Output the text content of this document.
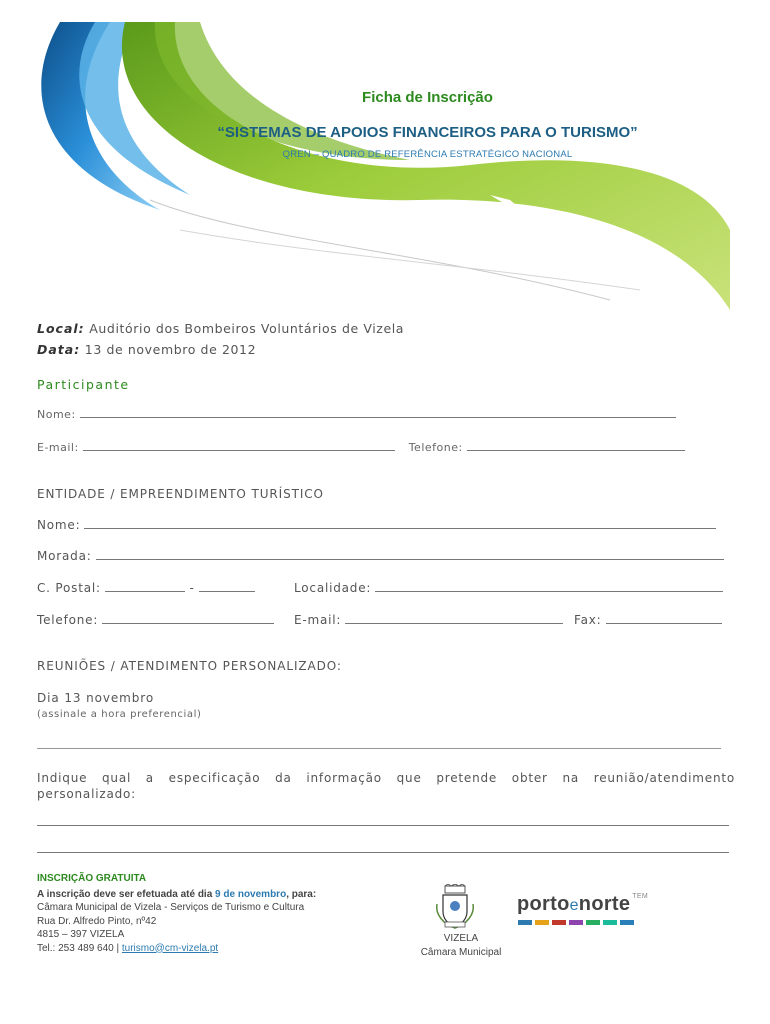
Ficha de Inscrição
“SISTEMAS DE APOIOS FINANCEIROS PARA O TURISMO”
QREN – QUADRO DE REFERÊNCIA ESTRATÉGICO NACIONAL
Local: Auditório dos Bombeiros Voluntários de Vizela
Data: 13 de novembro de 2012
Participante
Nome:
E-mail:	Telefone:
ENTIDADE / EMPREENDIMENTO TURÍSTICO
Nome:
Morada:
C. Postal:	-	Localidade:
Telefone:	E-mail:	Fax:
REUNIÕES / ATENDIMENTO PERSONALIZADO:
Dia 13 novembro
(assinale a hora preferencial)
Indique qual a especificação da informação que pretende obter na reunião/atendimento personalizado:
INSCRIÇÃO GRATUITA
A inscrição deve ser efetuada até dia 9 de novembro, para:
Câmara Municipal de Vizela - Serviços de Turismo e Cultura
Rua Dr. Alfredo Pinto, nº42
4815 – 397 VIZELA
Tel.: 253 489 640 | turismo@cm-vizela.pt
VIZELA
Câmara Municipal
portoenorte $^{TEM}$
